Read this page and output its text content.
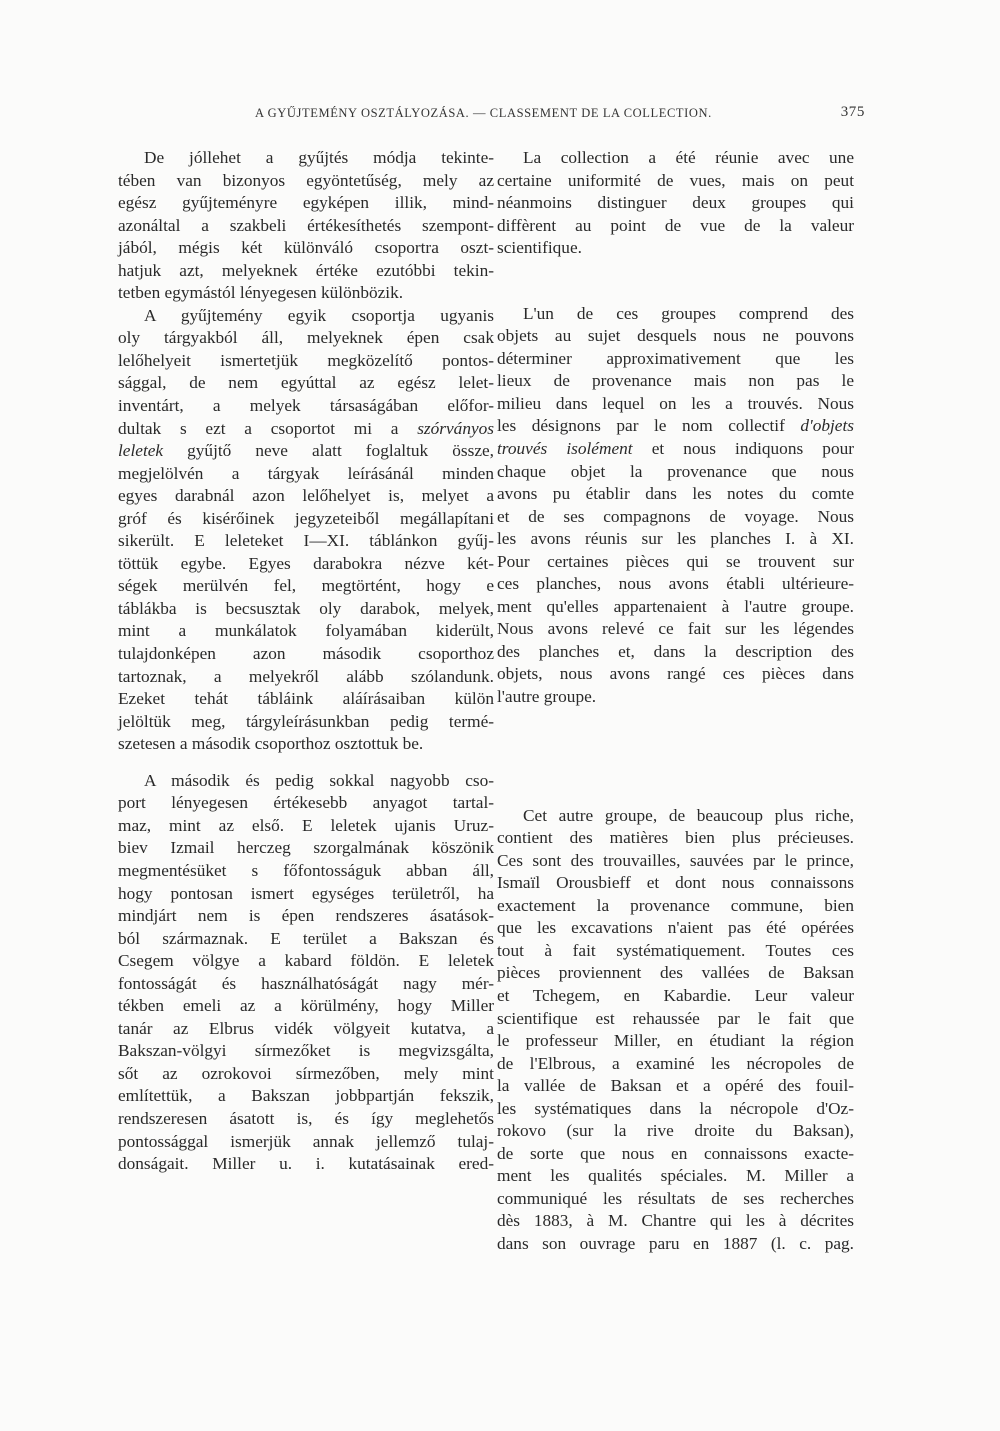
A GYŰJTEMÉNY OSZTÁLYOZÁSA. — CLASSEMENT DE LA COLLECTION.	375
De jóllehet a gyűjtés módja tekinte-
tében van bizonyos egyöntetűség, mely az
egész gyűjteményre egyképen illik, mind-
azonáltal a szakbeli értékesíthetés szempont-
jából, mégis két különváló csoportra oszt-
hatjuk azt, melyeknek értéke ezutóbbi tekin-
tetben egymástól lényegesen különbözik.
A gyűjtemény egyik csoportja ugyanis
oly tárgyakból áll, melyeknek épen csak
lelőhelyeit ismertetjük megközelítő pontos-
sággal, de nem egyúttal az egész lelet-
inventárt, a melyek társaságában előfor-
dultak s ezt a csoportot mi a szórványos
leletek gyűjtő neve alatt foglaltuk össze,
megjelölvén a tárgyak leírásánál minden
egyes darabnál azon lelőhelyet is, melyet a
gróf és kisérőinek jegyzeteiből megállapítani
sikerült. E leleteket I—XI. táblánkon gyűj-
töttük egybe. Egyes darabokra nézve két-
ségek merülvén fel, megtörtént, hogy e
táblákba is becsusztak oly darabok, melyek,
mint a munkálatok folyamában kiderült,
tulajdonképen azon második csoporthoz
tartoznak, a melyekről alább szólandunk.
Ezeket tehát tábláink aláírásaiban külön
jelöltük meg, tárgyleírásunkban pedig termé-
szetesen a második csoporthoz osztottuk be.
A második és pedig sokkal nagyobb cso-
port lényegesen értékesebb anyagot tartal-
maz, mint az első. E leletek ujanis Uruz-
biev Izmail herczeg szorgalmának köszönik
megmentésüket s főfontosságuk abban áll,
hogy pontosan ismert egységes területről, ha
mindjárt nem is épen rendszeres ásatások-
ból származnak. E terület a Bakszan és
Csegem völgye a kabard földön. E leletek
fontosságát és használhatóságát nagy mér-
tékben emeli az a körülmény, hogy Miller
tanár az Elbrus vidék völgyeit kutatva, a
Bakszan-völgyi sírmezőket is megvizsgálta,
sőt az ozrokovoi sírmezőben, mely mint
említettük, a Bakszan jobbpartján fekszik,
rendszeresen ásatott is, és így meglehetős
pontossággal ismerjük annak jellemző tulaj-
donságait. Miller u. i. kutatásainak ered-
La collection a été réunie avec une
certaine uniformité de vues, mais on peut
néanmoins distinguer deux groupes qui
diffèrent au point de vue de la valeur
scientifique.
L'un de ces groupes comprend des
objets au sujet desquels nous ne pouvons
déterminer approximativement que les
lieux de provenance mais non pas le
milieu dans lequel on les a trouvés. Nous
les désignons par le nom collectif d'objets
trouvés isolément et nous indiquons pour
chaque objet la provenance que nous
avons pu établir dans les notes du comte
et de ses compagnons de voyage. Nous
les avons réunis sur les planches I. à XI.
Pour certaines pièces qui se trouvent sur
ces planches, nous avons établi ultérieure-
ment qu'elles appartenaient à l'autre groupe.
Nous avons relevé ce fait sur les légendes
des planches et, dans la description des
objets, nous avons rangé ces pièces dans
l'autre groupe.
Cet autre groupe, de beaucoup plus riche,
contient des matières bien plus précieuses.
Ces sont des trouvailles, sauvées par le prince,
Ismaïl Orousbieff et dont nous connaissons
exactement la provenance commune, bien
que les excavations n'aient pas été opérées
tout à fait systématiquement. Toutes ces
pièces proviennent des vallées de Baksan
et Tchegem, en Kabardie. Leur valeur
scientifique est rehaussée par le fait que
le professeur Miller, en étudiant la région
de l'Elbrous, a examiné les nécropoles de
la vallée de Baksan et a opéré des fouil-
les systématiques dans la nécropole d'Oz-
rokovo (sur la rive droite du Baksan),
de sorte que nous en connaissons exacte-
ment les qualités spéciales. M. Miller a
communiqué les résultats de ses recherches
dès 1883, à M. Chantre qui les à décrites
dans son ouvrage paru en 1887 (l. c. pag.
